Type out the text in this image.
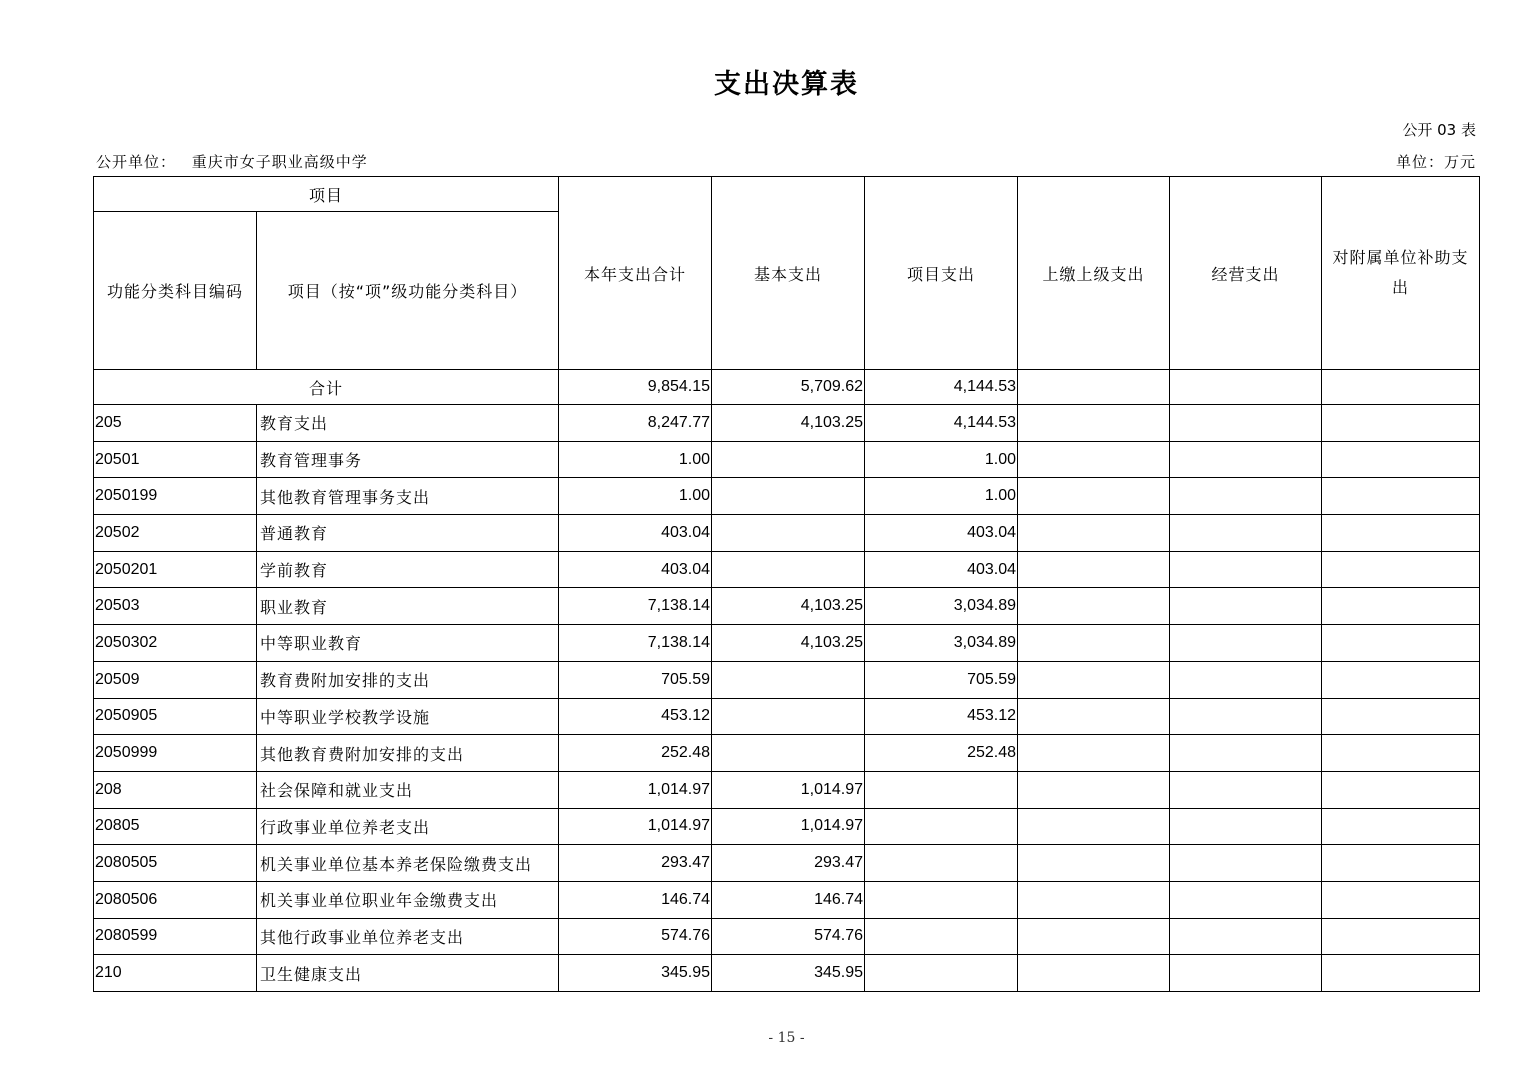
支出决算表
公开 03 表
公开单位： 重庆市女子职业高级中学	单位：万元
项目		本年支出合计	基本支出	项目支出	上缴上级支出	经营支出	对附属单位补助支出
功能分类科目编码	项目（按“项”级功能分类科目）						
合计		9,854.15	5,709.62	4,144.53			
205	教育支出	8,247.77	4,103.25	4,144.53			
20501	教育管理事务	1.00		1.00			
2050199	其他教育管理事务支出	1.00		1.00			
20502	普通教育	403.04		403.04			
2050201	学前教育	403.04		403.04			
20503	职业教育	7,138.14	4,103.25	3,034.89			
2050302	中等职业教育	7,138.14	4,103.25	3,034.89			
20509	教育费附加安排的支出	705.59		705.59			
2050905	中等职业学校教学设施	453.12		453.12			
2050999	其他教育费附加安排的支出	252.48		252.48			
208	社会保障和就业支出	1,014.97	1,014.97				
20805	行政事业单位养老支出	1,014.97	1,014.97				
2080505	机关事业单位基本养老保险缴费支出	293.47	293.47				
2080506	机关事业单位职业年金缴费支出	146.74	146.74				
2080599	其他行政事业单位养老支出	574.76	574.76				
210	卫生健康支出	345.95	345.95				
- 15 -
